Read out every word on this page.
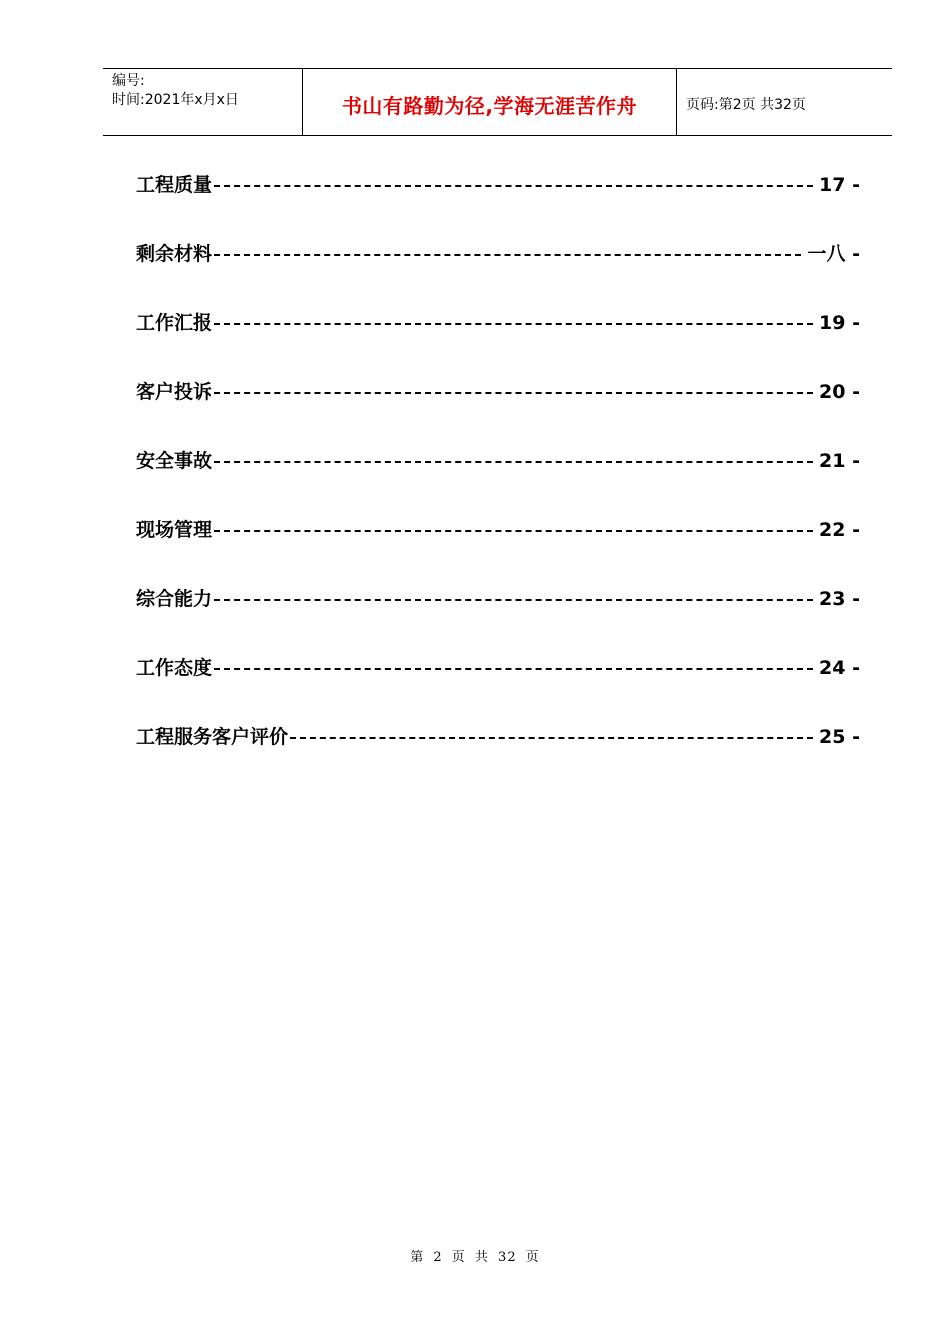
编号:
时间:2021年x月x日	书山有路勤为径,学海无涯苦作舟	页码:第2页 共32页
工程质量	17 -
剩余材料	一八 -
工作汇报	19 -
客户投诉	20 -
安全事故	21 -
现场管理	22 -
综合能力	23 -
工作态度	24 -
工程服务客户评价	25 -
第 2 页 共 32 页
